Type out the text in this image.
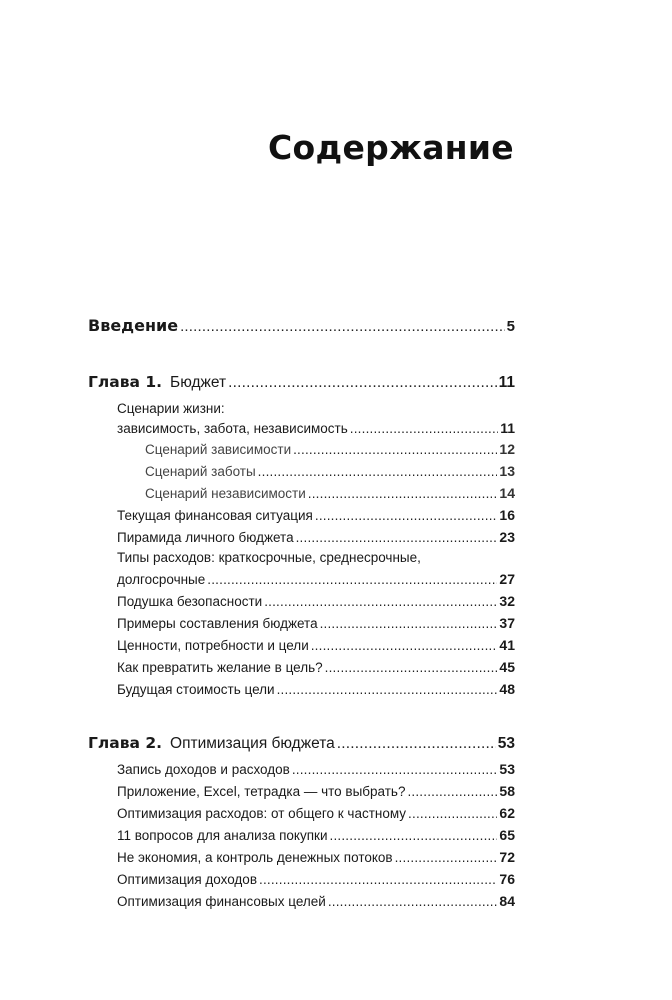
Содержание
Введение .....	5
Глава 1. Бюджет .....	11
Сценарии жизни:
зависимость, забота, независимость .....	11
Сценарий зависимости .....	12
Сценарий заботы .....	13
Сценарий независимости .....	14
Текущая финансовая ситуация .....	16
Пирамида личного бюджета .....	23
Типы расходов: краткосрочные, среднесрочные,
долгосрочные .....	27
Подушка безопасности .....	32
Примеры составления бюджета .....	37
Ценности, потребности и цели .....	41
Как превратить желание в цель? .....	45
Будущая стоимость цели .....	48
Глава 2. Оптимизация бюджета .....	53
Запись доходов и расходов .....	53
Приложение, Excel, тетрадка — что выбрать? .....	58
Оптимизация расходов: от общего к частному .....	62
11 вопросов для анализа покупки .....	65
Не экономия, а контроль денежных потоков .....	72
Оптимизация доходов .....	76
Оптимизация финансовых целей .....	84
